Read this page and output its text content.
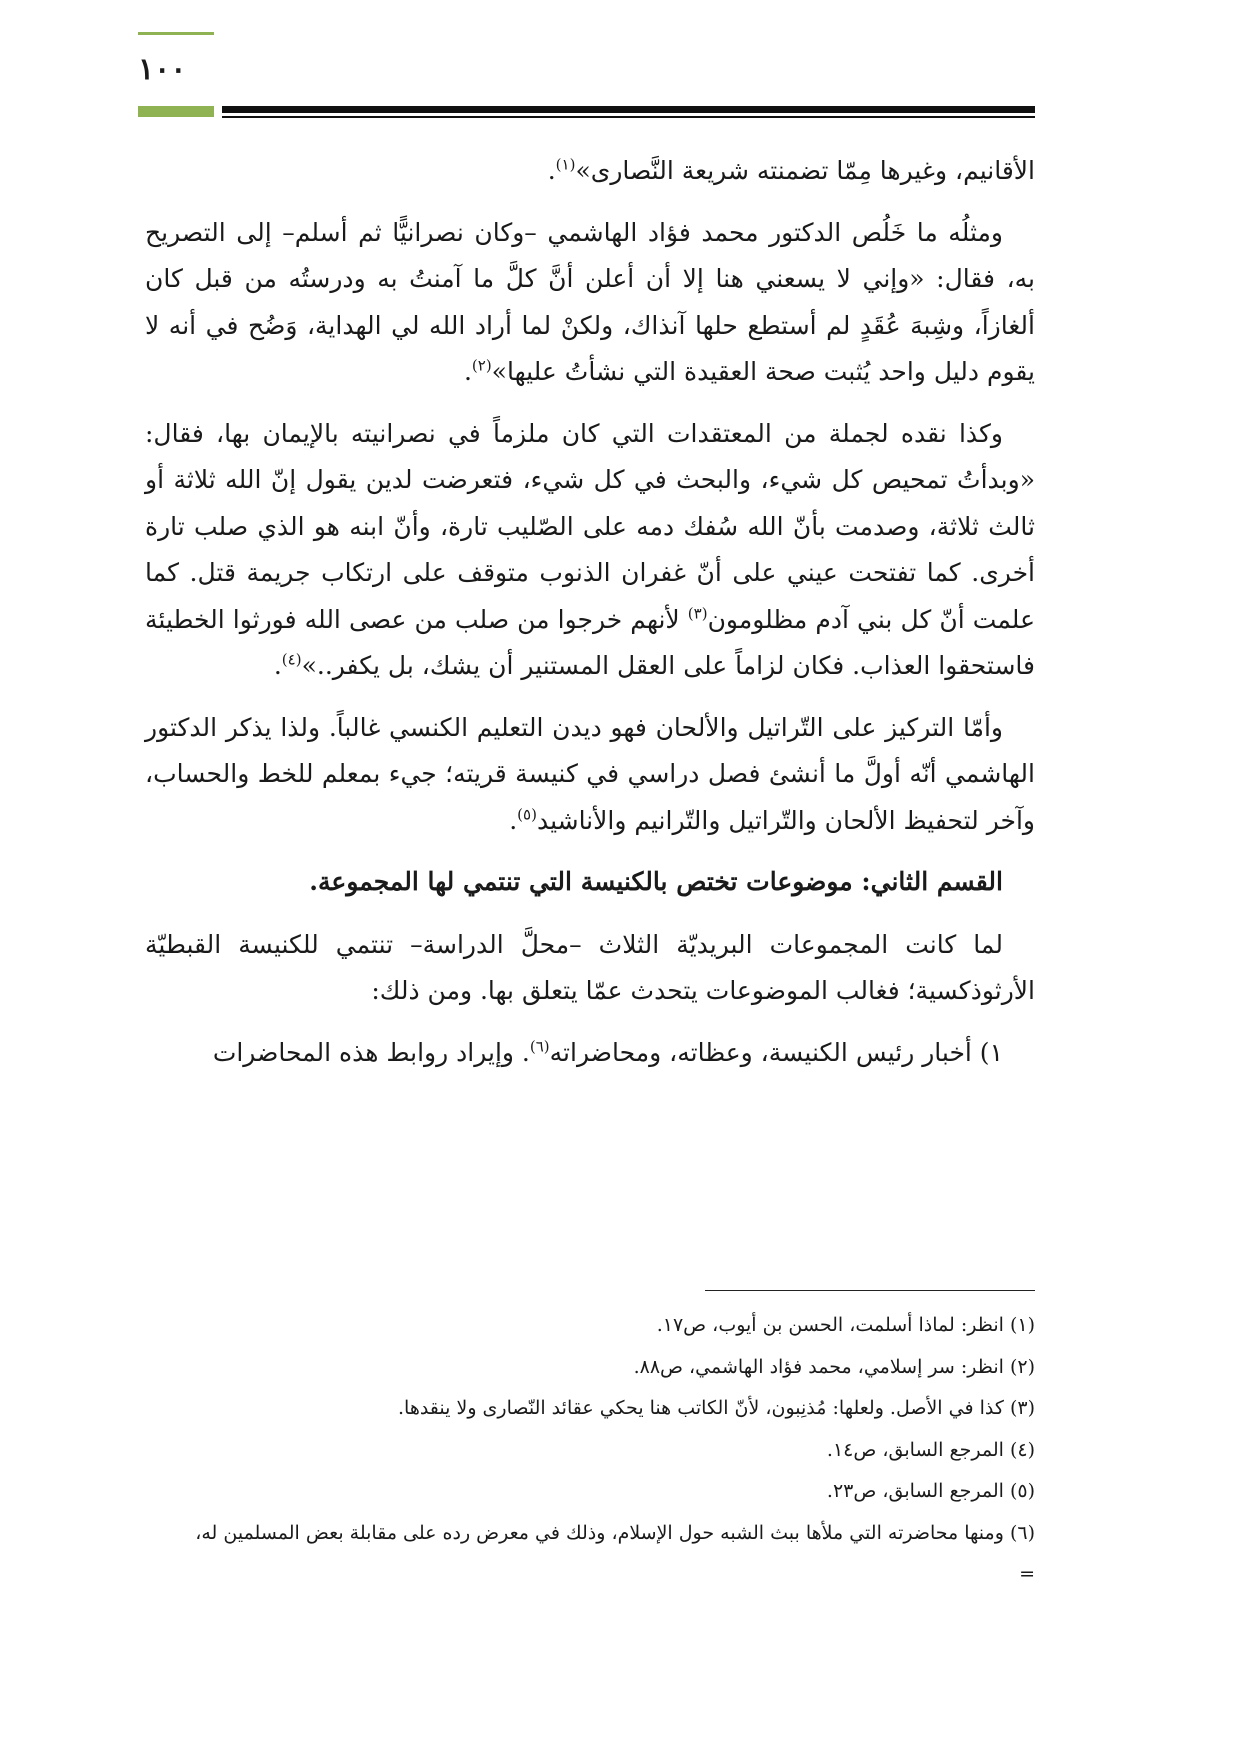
١٠٠

الأقانيم، وغيرها مِمّا تضمنته شريعة النَّصارى»$^{(١)}$.

ومثلُه ما خَلُص الدكتور محمد فؤاد الهاشمي –وكان نصرانيًّا ثم أسلم– إلى التصريح به، فقال: «وإني لا يسعني هنا إلا أن أعلن أنَّ كلَّ ما آمنتُ به ودرستُه من قبل كان ألغازاً، وشِبهَ عُقَدٍ لم أستطع حلها آنذاك، ولكنْ لما أراد الله لي الهداية، وَضُح في أنه لا يقوم دليل واحد يُثبت صحة العقيدة التي نشأتُ عليها»$^{(٢)}$.

وكذا نقده لجملة من المعتقدات التي كان ملزماً في نصرانيته بالإيمان بها، فقال: «وبدأتُ تمحيص كل شيء، والبحث في كل شيء، فتعرضت لدين يقول إنّ الله ثلاثة أو ثالث ثلاثة، وصدمت بأنّ الله سُفك دمه على الصّليب تارة، وأنّ ابنه هو الذي صلب تارة أخرى. كما تفتحت عيني على أنّ غفران الذنوب متوقف على ارتكاب جريمة قتل. كما علمت أنّ كل بني آدم مظلومون$^{(٣)}$ لأنهم خرجوا من صلب من عصى الله فورثوا الخطيئة فاستحقوا العذاب. فكان لزاماً على العقل المستنير أن يشك، بل يكفر..»$^{(٤)}$.

وأمّا التركيز على التّراتيل والألحان فهو ديدن التعليم الكنسي غالباً. ولذا يذكر الدكتور الهاشمي أنّه أولَّ ما أنشئ فصل دراسي في كنيسة قريته؛ جيء بمعلم للخط والحساب، وآخر لتحفيظ الألحان والتّراتيل والتّرانيم والأناشيد$^{(٥)}$.

القسم الثاني: موضوعات تختص بالكنيسة التي تنتمي لها المجموعة.

لما كانت المجموعات البريديّة الثلاث –محلَّ الدراسة– تنتمي للكنيسة القبطيّة الأرثوذكسية؛ فغالب الموضوعات يتحدث عمّا يتعلق بها. ومن ذلك:

١) أخبار رئيس الكنيسة، وعظاته، ومحاضراته$^{(٦)}$. وإيراد روابط هذه المحاضرات

(١) انظر: لماذا أسلمت، الحسن بن أيوب، ص١٧.

(٢) انظر: سر إسلامي، محمد فؤاد الهاشمي، ص٨٨.

(٣) كذا في الأصل. ولعلها: مُذنِبون، لأنّ الكاتب هنا يحكي عقائد النّصارى ولا ينقدها.

(٤) المرجع السابق، ص١٤.

(٥) المرجع السابق، ص٢٣.

(٦) ومنها محاضرته التي ملأها ببث الشبه حول الإسلام، وذلك في معرض رده على مقابلة بعض المسلمين له،

=
